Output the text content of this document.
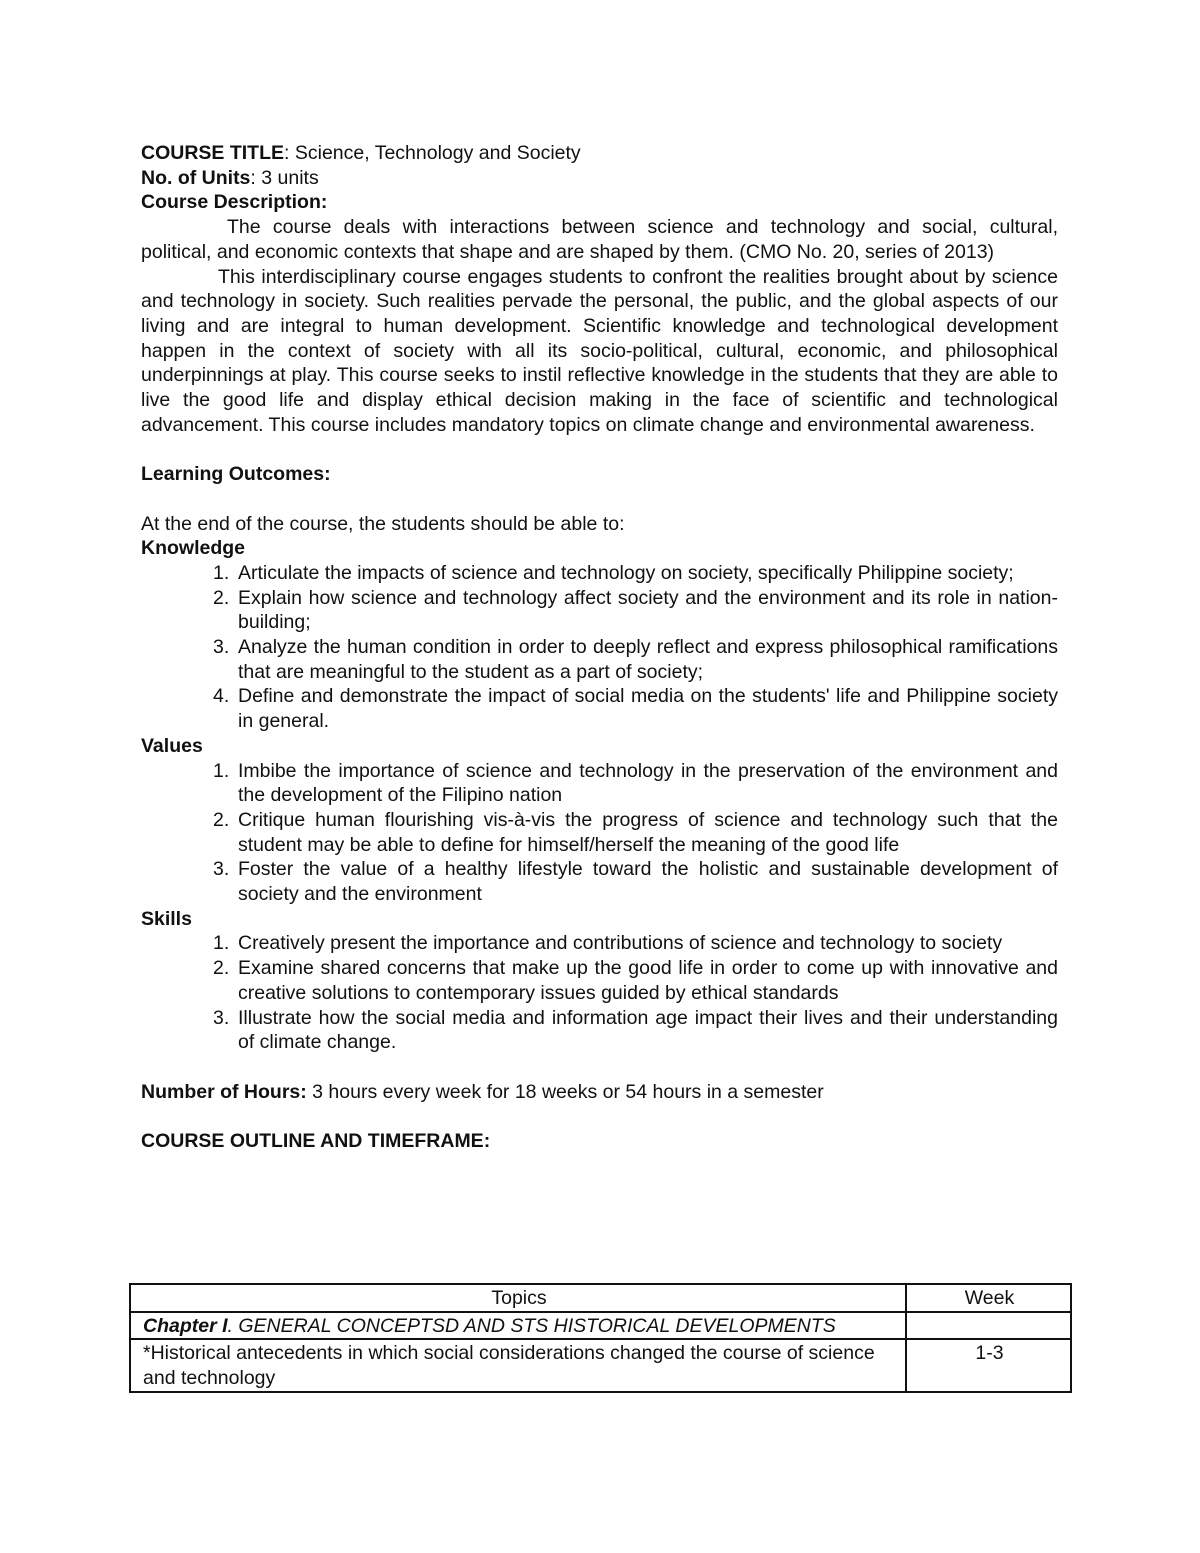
COURSE TITLE: Science, Technology and Society

No. of Units: 3 units

Course Description:

The course deals with interactions between science and technology and social, cultural, political, and economic contexts that shape and are shaped by them. (CMO No. 20, series of 2013)

This interdisciplinary course engages students to confront the realities brought about by science and technology in society. Such realities pervade the personal, the public, and the global aspects of our living and are integral to human development. Scientific knowledge and technological development happen in the context of society with all its socio-political, cultural, economic, and philosophical underpinnings at play. This course seeks to instil reflective knowledge in the students that they are able to live the good life and display ethical decision making in the face of scientific and technological advancement. This course includes mandatory topics on climate change and environmental awareness.

Learning Outcomes:

At the end of the course, the students should be able to:

Knowledge

1. Articulate the impacts of science and technology on society, specifically Philippine society;
2. Explain how science and technology affect society and the environment and its role in nation-building;
3. Analyze the human condition in order to deeply reflect and express philosophical ramifications that are meaningful to the student as a part of society;
4. Define and demonstrate the impact of social media on the students' life and Philippine society in general.

Values

1. Imbibe the importance of science and technology in the preservation of the environment and the development of the Filipino nation
2. Critique human flourishing vis-à-vis the progress of science and technology such that the student may be able to define for himself/herself the meaning of the good life
3. Foster the value of a healthy lifestyle toward the holistic and sustainable development of society and the environment

Skills

1. Creatively present the importance and contributions of science and technology to society
2. Examine shared concerns that make up the good life in order to come up with innovative and creative solutions to contemporary issues guided by ethical standards
3. Illustrate how the social media and information age impact their lives and their understanding of climate change.

Number of Hours: 3 hours every week for 18 weeks or 54 hours in a semester

COURSE OUTLINE AND TIMEFRAME:

Topics	Week
Chapter I. GENERAL CONCEPTSD AND STS HISTORICAL DEVELOPMENTS	
*Historical antecedents in which social considerations changed the course of science and technology	1-3
